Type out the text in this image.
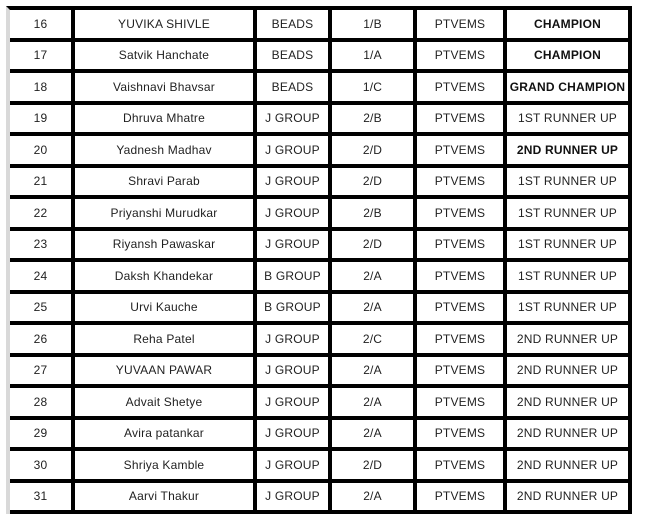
16	YUVIKA SHIVLE	BEADS	1/B	PTVEMS	CHAMPION
17	Satvik Hanchate	BEADS	1/A	PTVEMS	CHAMPION
18	Vaishnavi Bhavsar	BEADS	1/C	PTVEMS	GRAND CHAMPION
19	Dhruva Mhatre	J GROUP	2/B	PTVEMS	1ST RUNNER UP
20	Yadnesh Madhav	J GROUP	2/D	PTVEMS	2ND RUNNER UP
21	Shravi Parab	J GROUP	2/D	PTVEMS	1ST RUNNER UP
22	Priyanshi Murudkar	J GROUP	2/B	PTVEMS	1ST RUNNER UP
23	Riyansh Pawaskar	J GROUP	2/D	PTVEMS	1ST RUNNER UP
24	Daksh Khandekar	B GROUP	2/A	PTVEMS	1ST RUNNER UP
25	Urvi Kauche	B GROUP	2/A	PTVEMS	1ST RUNNER UP
26	Reha Patel	J GROUP	2/C	PTVEMS	2ND RUNNER UP
27	YUVAAN PAWAR	J GROUP	2/A	PTVEMS	2ND RUNNER UP
28	Advait Shetye	J GROUP	2/A	PTVEMS	2ND RUNNER UP
29	Avira patankar	J GROUP	2/A	PTVEMS	2ND RUNNER UP
30	Shriya Kamble	J GROUP	2/D	PTVEMS	2ND RUNNER UP
31	Aarvi Thakur	J GROUP	2/A	PTVEMS	2ND RUNNER UP
